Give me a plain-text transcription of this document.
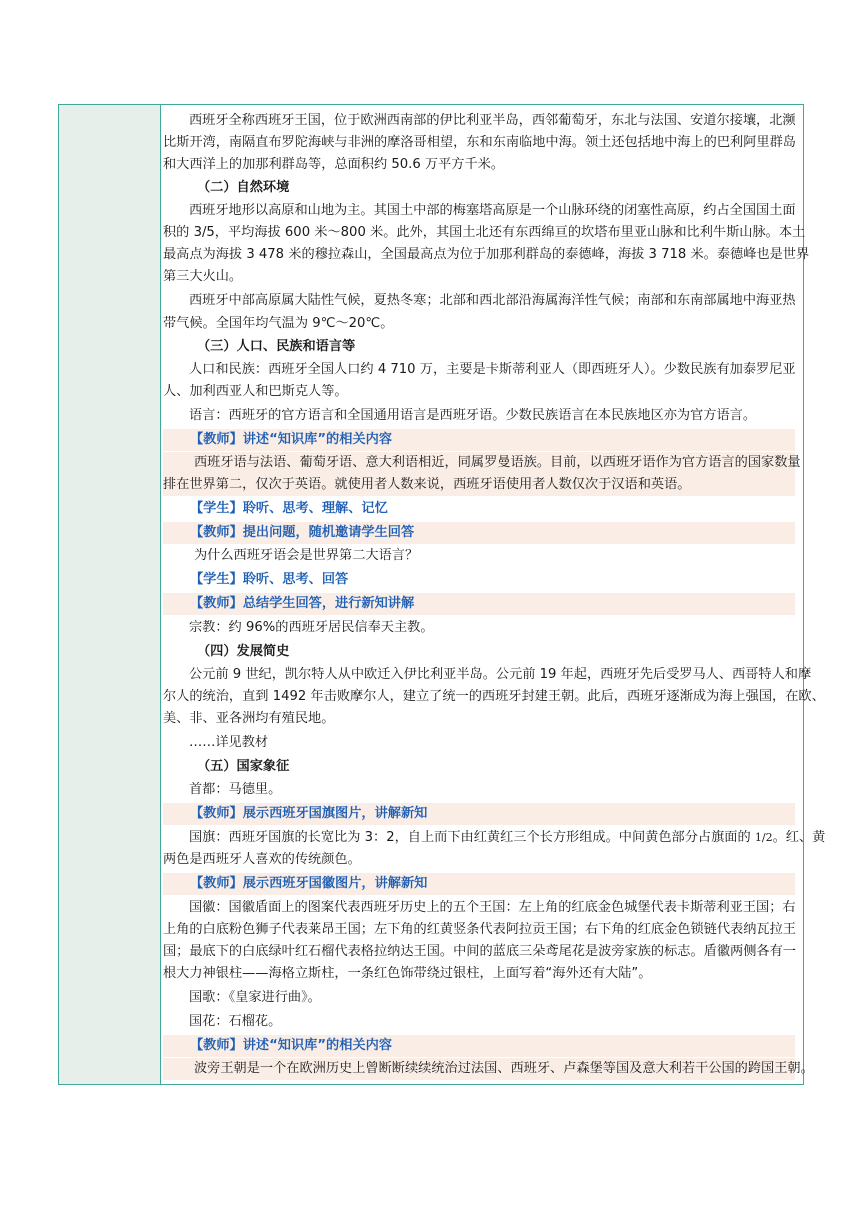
西班牙全称西班牙王国，位于欧洲西南部的伊比利亚半岛，西邻葡萄牙，东北与法国、安道尔接壤，北濒
比斯开湾，南隔直布罗陀海峡与非洲的摩洛哥相望，东和东南临地中海。领土还包括地中海上的巴利阿里群岛
和大西洋上的加那利群岛等，总面积约 50.6 万平方千米。
（二）自然环境
西班牙地形以高原和山地为主。其国土中部的梅塞塔高原是一个山脉环绕的闭塞性高原，约占全国国土面
积的 3/5，平均海拔 600 米～800 米。此外，其国土北还有东西绵亘的坎塔布里亚山脉和比利牛斯山脉。本土
最高点为海拔 3 478 米的穆拉森山，全国最高点为位于加那利群岛的泰德峰，海拔 3 718 米。泰德峰也是世界
第三大火山。
西班牙中部高原属大陆性气候，夏热冬寒；北部和西北部沿海属海洋性气候；南部和东南部属地中海亚热
带气候。全国年均气温为 9℃～20℃。
（三）人口、民族和语言等
人口和民族：西班牙全国人口约 4 710 万，主要是卡斯蒂利亚人（即西班牙人）。少数民族有加泰罗尼亚
人、加利西亚人和巴斯克人等。
语言：西班牙的官方语言和全国通用语言是西班牙语。少数民族语言在本民族地区亦为官方语言。
【教师】讲述“知识库”的相关内容
西班牙语与法语、葡萄牙语、意大利语相近，同属罗曼语族。目前，以西班牙语作为官方语言的国家数量
排在世界第二，仅次于英语。就使用者人数来说，西班牙语使用者人数仅次于汉语和英语。
【学生】聆听、思考、理解、记忆
【教师】提出问题，随机邀请学生回答
为什么西班牙语会是世界第二大语言？
【学生】聆听、思考、回答
【教师】总结学生回答，进行新知讲解
宗教：约 96%的西班牙居民信奉天主教。
（四）发展简史
公元前 9 世纪，凯尔特人从中欧迁入伊比利亚半岛。公元前 19 年起，西班牙先后受罗马人、西哥特人和摩
尔人的统治，直到 1492 年击败摩尔人，建立了统一的西班牙封建王朝。此后，西班牙逐渐成为海上强国，在欧、
美、非、亚各洲均有殖民地。
……详见教材
（五）国家象征
首都：马德里。
【教师】展示西班牙国旗图片，讲解新知
国旗：西班牙国旗的长宽比为 3：2，自上而下由红黄红三个长方形组成。中间黄色部分占旗面的 1/2。红、黄
两色是西班牙人喜欢的传统颜色。
【教师】展示西班牙国徽图片，讲解新知
国徽：国徽盾面上的图案代表西班牙历史上的五个王国：左上角的红底金色城堡代表卡斯蒂利亚王国；右
上角的白底粉色狮子代表莱昂王国；左下角的红黄竖条代表阿拉贡王国；右下角的红底金色锁链代表纳瓦拉王
国；最底下的白底绿叶红石榴代表格拉纳达王国。中间的蓝底三朵鸢尾花是波旁家族的标志。盾徽两侧各有一
根大力神银柱——海格立斯柱，一条红色饰带绕过银柱，上面写着“海外还有大陆”。
国歌：《皇家进行曲》。
国花：石榴花。
【教师】讲述“知识库”的相关内容
波旁王朝是一个在欧洲历史上曾断断续续统治过法国、西班牙、卢森堡等国及意大利若干公国的跨国王朝。
